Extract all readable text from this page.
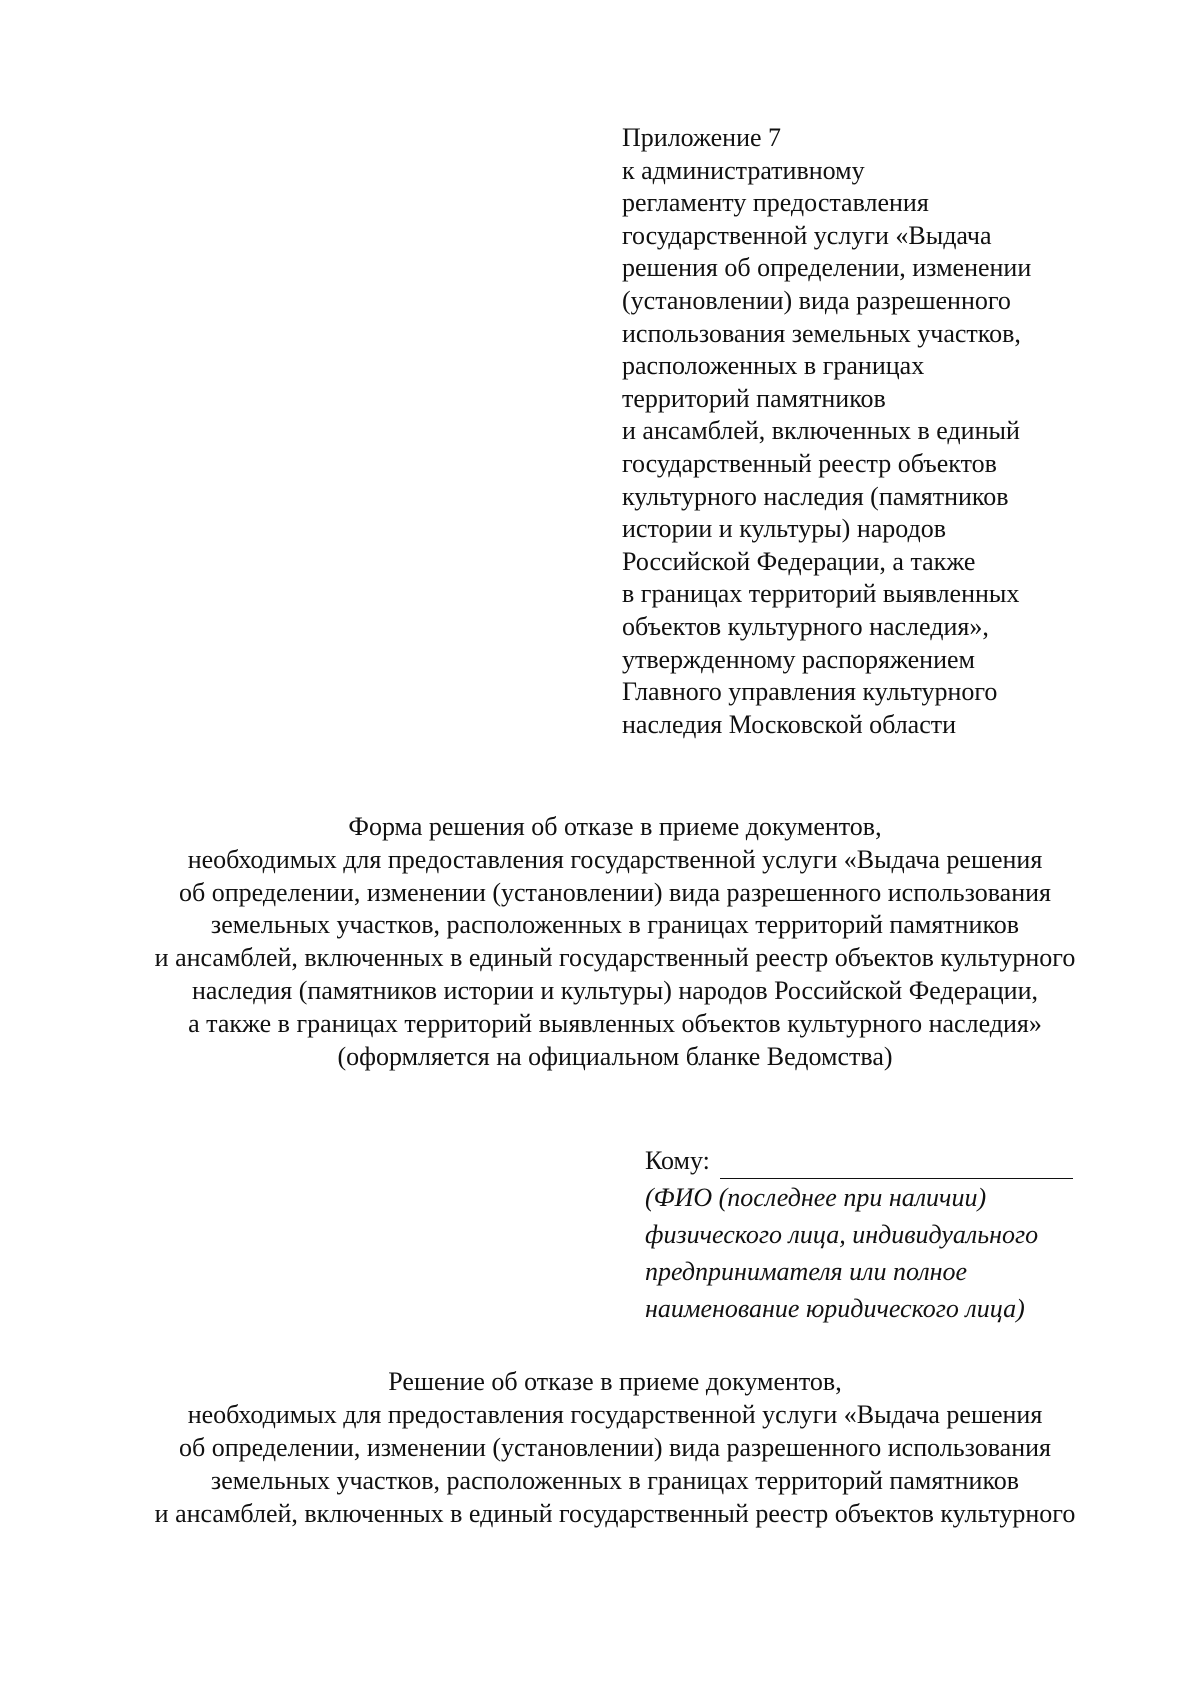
Приложение 7
к административному
регламенту предоставления
государственной услуги «Выдача
решения об определении, изменении
(установлении) вида разрешенного
использования земельных участков,
расположенных в границах
территорий памятников
и ансамблей, включенных в единый
государственный реестр объектов
культурного наследия (памятников
истории и культуры) народов
Российской Федерации, а также
в границах территорий выявленных
объектов культурного наследия»,
утвержденному распоряжением
Главного управления культурного
наследия Московской области
Форма решения об отказе в приеме документов,
необходимых для предоставления государственной услуги «Выдача решения
об определении, изменении (установлении) вида разрешенного использования
земельных участков, расположенных в границах территорий памятников
и ансамблей, включенных в единый государственный реестр объектов культурного
наследия (памятников истории и культуры) народов Российской Федерации,
а также в границах территорий выявленных объектов культурного наследия»
(оформляется на официальном бланке Ведомства)
Кому:
(ФИО (последнее при наличии)
физического лица, индивидуального
предпринимателя или полное
наименование юридического лица)
Решение об отказе в приеме документов,
необходимых для предоставления государственной услуги «Выдача решения
об определении, изменении (установлении) вида разрешенного использования
земельных участков, расположенных в границах территорий памятников
и ансамблей, включенных в единый государственный реестр объектов культурного
